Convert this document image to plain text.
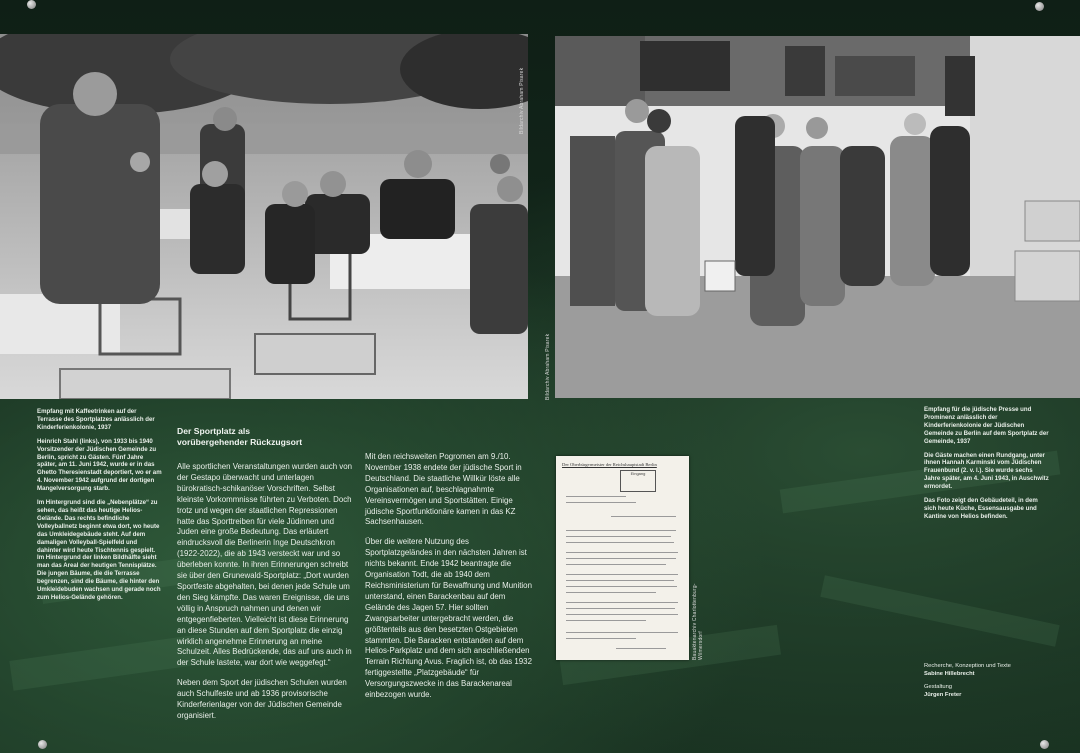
Bildarchiv Abraham Pisarek
Bildarchiv Abraham Pisarek

Empfang mit Kaffeetrinken auf der Terrasse des Sportplatzes anlässlich der Kinderferienkolonie, 1937

Heinrich Stahl (links), von 1933 bis 1940 Vorsitzender der Jüdischen Gemeinde zu Berlin, spricht zu Gästen. Fünf Jahre später, am 11. Juni 1942, wurde er in das Ghetto Theresienstadt deportiert, wo er am 4. November 1942 aufgrund der dortigen Mangelversorgung starb.

Im Hintergrund sind die „Nebenplätze“ zu sehen, das heißt das heutige Helios-Gelände. Das rechts befindliche Volleyballnetz beginnt etwa dort, wo heute das Umkleidegebäude steht. Auf dem damaligen Volleyball-Spielfeld und dahinter wird heute Tischtennis gespielt. Im Hintergrund der linken Bildhälfte sieht man das Areal der heutigen Tennisplätze. Die jungen Bäume, die die Terrasse begrenzen, sind die Bäume, die hinter den Umkleidebuden wachsen und gerade noch zum Helios-Gelände gehören.

Der Sportplatz als
vorübergehender Rückzugsort

Alle sportlichen Veranstaltungen wurden auch von der Gestapo überwacht und unterlagen bürokratisch-schikanöser Vorschriften. Selbst kleinste Vorkommnisse führten zu Verboten. Doch trotz und wegen der staatlichen Repressionen hatte das Sporttreiben für viele Jüdinnen und Juden eine große Bedeutung. Das erläutert eindrucksvoll die Berlinerin Inge Deutschkron (1922-2022), die ab 1943 versteckt war und so überleben konnte. In ihren Erinnerungen schreibt sie über den Grunewald-Sportplatz: „Dort wurden Sportfeste abgehalten, bei denen jede Schule um den Sieg kämpfte. Das waren Ereignisse, die uns völlig in Anspruch nahmen und denen wir entgegenfieberten. Vielleicht ist diese Erinnerung an diese Stunden auf dem Sportplatz die einzig wirklich angenehme Erinnerung an meine Schulzeit. Alles Bedrückende, das auf uns auch in der Schule lastete, war dort wie weggefegt.“

Neben dem Sport der jüdischen Schulen wurden auch Schulfeste und ab 1936 provisorische Kinderferienlager von der Jüdischen Gemeinde organisiert.

Mit den reichsweiten Pogromen am 9./10. November 1938 endete der jüdische Sport in Deutschland. Die staatliche Willkür löste alle Organisationen auf, beschlagnahmte Vereinsvermögen und Sportstätten. Einige jüdische Sportfunktionäre kamen in das KZ Sachsenhausen.

Über die weitere Nutzung des Sportplatzgeländes in den nächsten Jahren ist nichts bekannt. Ende 1942 beantragte die Organisation Todt, die ab 1940 dem Reichsministerium für Bewaffnung und Munition unterstand, einen Barackenbau auf dem Gelände des Jagen 57. Hier sollten Zwangsarbeiter untergebracht werden, die größtenteils aus den besetzten Ostgebieten stammten. Die Baracken entstanden auf dem Helios-Parkplatz und dem sich anschließenden Terrain Richtung Avus. Fraglich ist, ob das 1932 fertiggestellte „Platzgebäude“ für Versorgungszwecke in das Barackenareal einbezogen wurde.

Der Oberbürgermeister der Reichshauptstadt Berlin
Eingang
Bauaktenarchiv Charlottenburg-Wilmersdorf

Empfang für die jüdische Presse und Prominenz anlässlich der Kinderferienkolonie der Jüdischen Gemeinde zu Berlin auf dem Sportplatz der Gemeinde, 1937

Die Gäste machen einen Rundgang, unter ihnen Hannah Karminski vom Jüdischen Frauenbund (2. v. l.). Sie wurde sechs Jahre später, am 4. Juni 1943, in Auschwitz ermordet.

Das Foto zeigt den Gebäudeteil, in dem sich heute Küche, Essensausgabe und Kantine von Helios befinden.

Recherche, Konzeption und Texte
Sabine Hillebrecht
Gestaltung
Jürgen Freter
